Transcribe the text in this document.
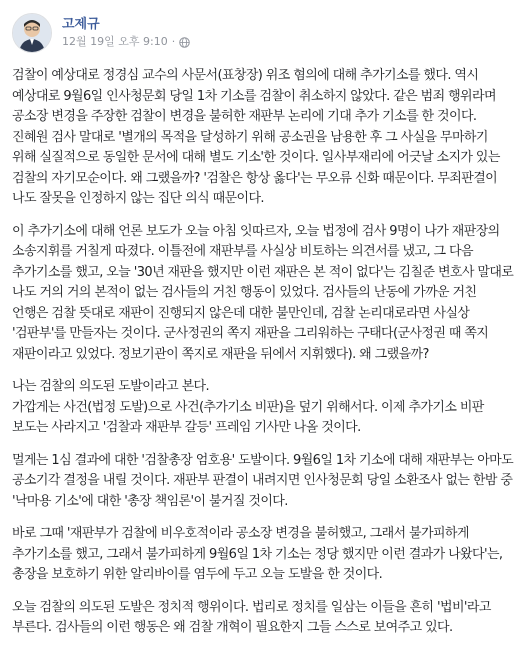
고제규
12월 19일 오후 9:10 ·

검찰이 예상대로 정경심 교수의 사문서(표창장) 위조 혐의에 대해 추가기소를 했다. 역시 예상대로 9월6일 인사청문회 당일 1차 기소를 검찰이 취소하지 않았다. 같은 범죄 행위라며 공소장 변경을 주장한 검찰이 변경을 불허한 재판부 논리에 기대 추가 기소를 한 것이다. 진혜원 검사 말대로 '별개의 목적을 달성하기 위해 공소권을 남용한 후 그 사실을 무마하기 위해 실질적으로 동일한 문서에 대해 별도 기소'한 것이다. 일사부재리에 어긋날 소지가 있는 검찰의 자기모순이다. 왜 그랬을까? '검찰은 항상 옳다'는 무오류 신화 때문이다. 무죄판결이 나도 잘못을 인정하지 않는 집단 의식 때문이다.

이 추가기소에 대해 언론 보도가 오늘 아침 잇따르자, 오늘 법정에 검사 9명이 나가 재판장의 소송지휘를 거칠게 따졌다. 이틀전에 재판부를 사실상 비토하는 의견서를 냈고, 그 다음 추가기소를 했고, 오늘 '30년 재판을 했지만 이런 재판은 본 적이 없다'는 김칠준 변호사 말대로 나도 거의 거의 본적이 없는 검사들의 거친 행동이 있었다. 검사들의 난동에 가까운 거친 언행은 검찰 뜻대로 재판이 진행되지 않은데 대한 불만인데, 검찰 논리대로라면 사실상 '검판부'를 만들자는 것이다. 군사정권의 쪽지 재판을 그리워하는 구태다(군사정권 때 쪽지 재판이라고 있었다. 정보기관이 쪽지로 재판을 뒤에서 지휘했다). 왜 그랬을까?

나는 검찰의 의도된 도발이라고 본다.

가깝게는 사건(법정 도발)으로 사건(추가기소 비판)을 덮기 위해서다. 이제 추가기소 비판 보도는 사라지고 '검찰과 재판부 갈등' 프레임 기사만 나올 것이다.

멀게는 1심 결과에 대한 '검찰총장 엄호용' 도발이다. 9월6일 1차 기소에 대해 재판부는 아마도 공소기각 결정을 내릴 것이다. 재판부 판결이 내려지면 인사청문회 당일 소환조사 없는 한밤 중 '낙마용 기소'에 대한 '총장 책임론'이 불거질 것이다.

바로 그때 '재판부가 검찰에 비우호적이라 공소장 변경을 불허했고, 그래서 불가피하게 추가기소를 했고, 그래서 불가피하게 9월6일 1차 기소는 정당 했지만 이런 결과가 나왔다'는, 총장을 보호하기 위한 알리바이를 염두에 두고 오늘 도발을 한 것이다.

오늘 검찰의 의도된 도발은 정치적 행위이다. 법리로 정치를 일삼는 이들을 흔히 '법비'라고 부른다. 검사들의 이런 행동은 왜 검찰 개혁이 필요한지 그들 스스로 보여주고 있다.
